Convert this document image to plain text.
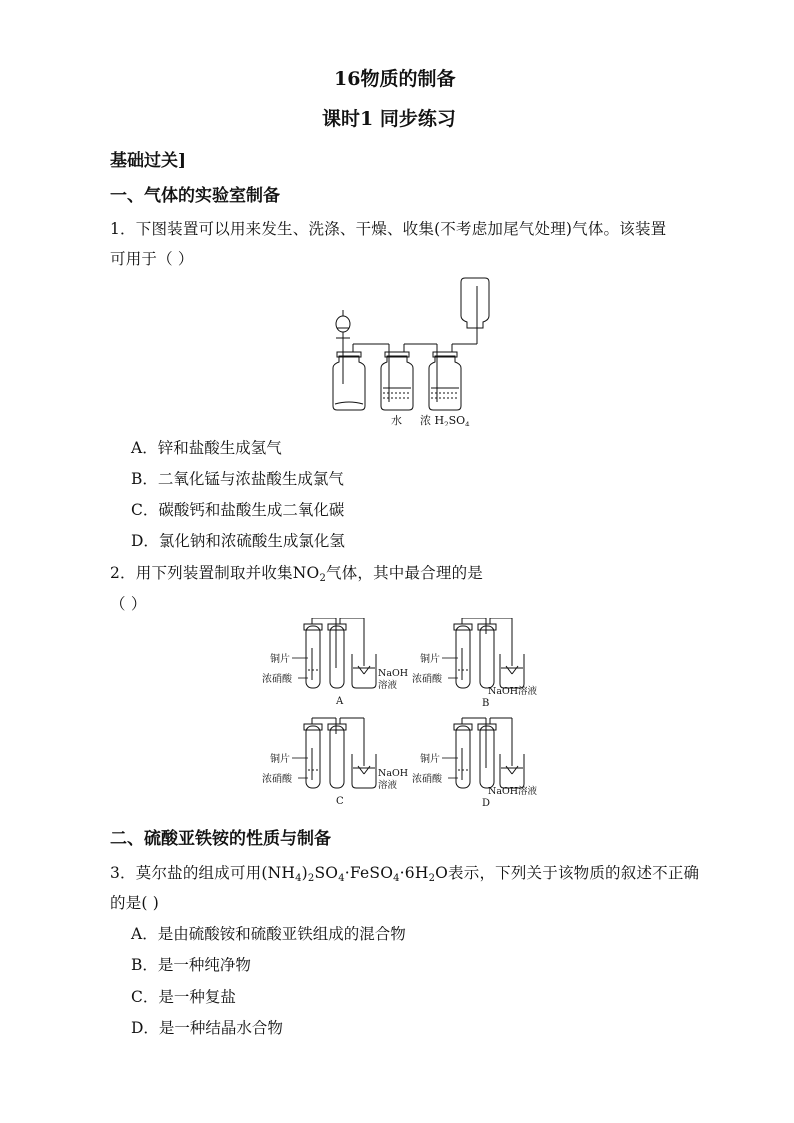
16物质的制备
课时1 同步练习
基础过关]
一、气体的实验室制备
1．下图装置可以用来发生、洗涤、干燥、收集(不考虑加尾气处理)气体。该装置
可用于（ ）
水 浓 $H_2SO_4$
A．锌和盐酸生成氢气
B．二氧化锰与浓盐酸生成氯气
C．碳酸钙和盐酸生成二氧化碳
D．氯化钠和浓硫酸生成氯化氢
2．用下列装置制取并收集$NO_2$气体，其中最合理的是
（ ）
铜片
浓硝酸
NaOH
溶液
A
铜片
浓硝酸
NaOH溶液
B
铜片
浓硝酸
NaOH
溶液
C
铜片
浓硝酸
NaOH溶液
D
二、硫酸亚铁铵的性质与制备
3．莫尔盐的组成可用$(NH_4)_2SO_4\cdot FeSO_4\cdot 6H_2O$表示，下列关于该物质的叙述不正确
的是( )
A．是由硫酸铵和硫酸亚铁组成的混合物
B．是一种纯净物
C．是一种复盐
D．是一种结晶水合物
